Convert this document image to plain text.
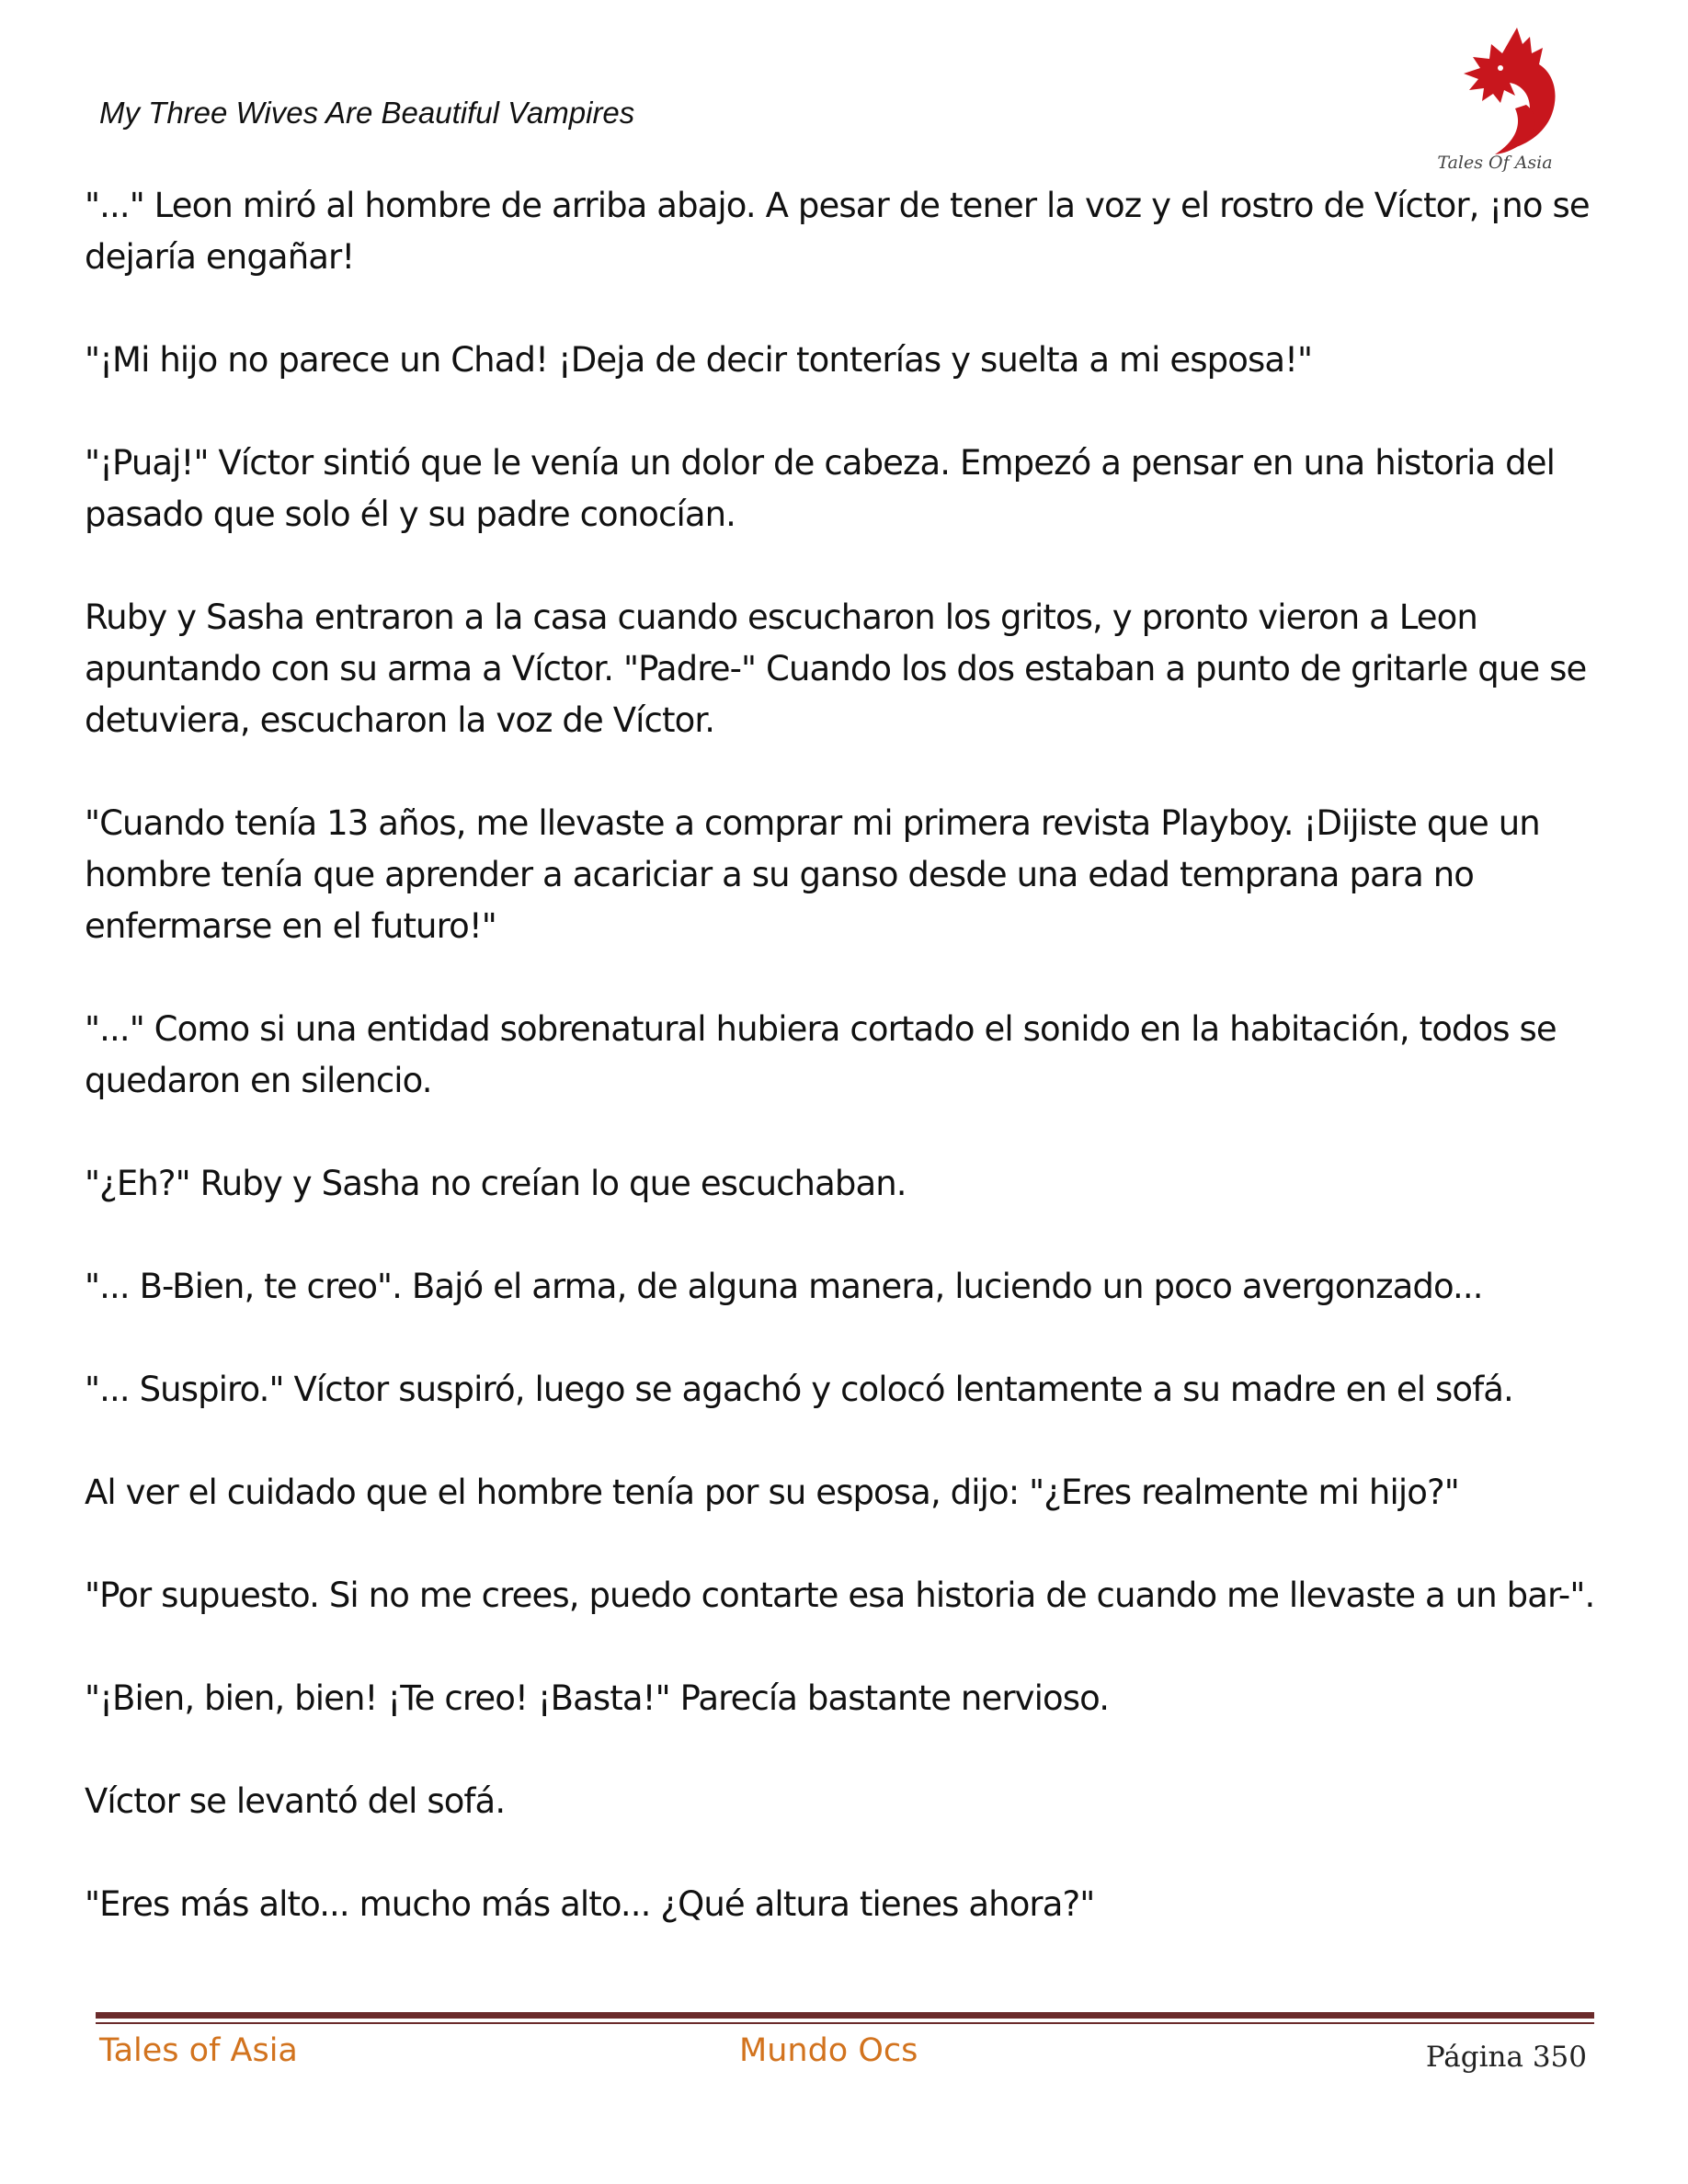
My Three Wives Are Beautiful Vampires
Tales Of Asia

"..." Leon miró al hombre de arriba abajo. A pesar de tener la voz y el rostro de Víctor, ¡no se dejaría engañar!

"¡Mi hijo no parece un Chad! ¡Deja de decir tonterías y suelta a mi esposa!"

"¡Puaj!" Víctor sintió que le venía un dolor de cabeza. Empezó a pensar en una historia del pasado que solo él y su padre conocían.

Ruby y Sasha entraron a la casa cuando escucharon los gritos, y pronto vieron a Leon apuntando con su arma a Víctor. "Padre-" Cuando los dos estaban a punto de gritarle que se detuviera, escucharon la voz de Víctor.

"Cuando tenía 13 años, me llevaste a comprar mi primera revista Playboy. ¡Dijiste que un hombre tenía que aprender a acariciar a su ganso desde una edad temprana para no enfermarse en el futuro!"

"..." Como si una entidad sobrenatural hubiera cortado el sonido en la habitación, todos se quedaron en silencio.

"¿Eh?" Ruby y Sasha no creían lo que escuchaban.

"... B-Bien, te creo". Bajó el arma, de alguna manera, luciendo un poco avergonzado...

"... Suspiro." Víctor suspiró, luego se agachó y colocó lentamente a su madre en el sofá.

Al ver el cuidado que el hombre tenía por su esposa, dijo: "¿Eres realmente mi hijo?"

"Por supuesto. Si no me crees, puedo contarte esa historia de cuando me llevaste a un bar-".

"¡Bien, bien, bien! ¡Te creo! ¡Basta!" Parecía bastante nervioso.

Víctor se levantó del sofá.

"Eres más alto... mucho más alto... ¿Qué altura tienes ahora?"

Tales of Asia	Mundo Ocs	Página 350
